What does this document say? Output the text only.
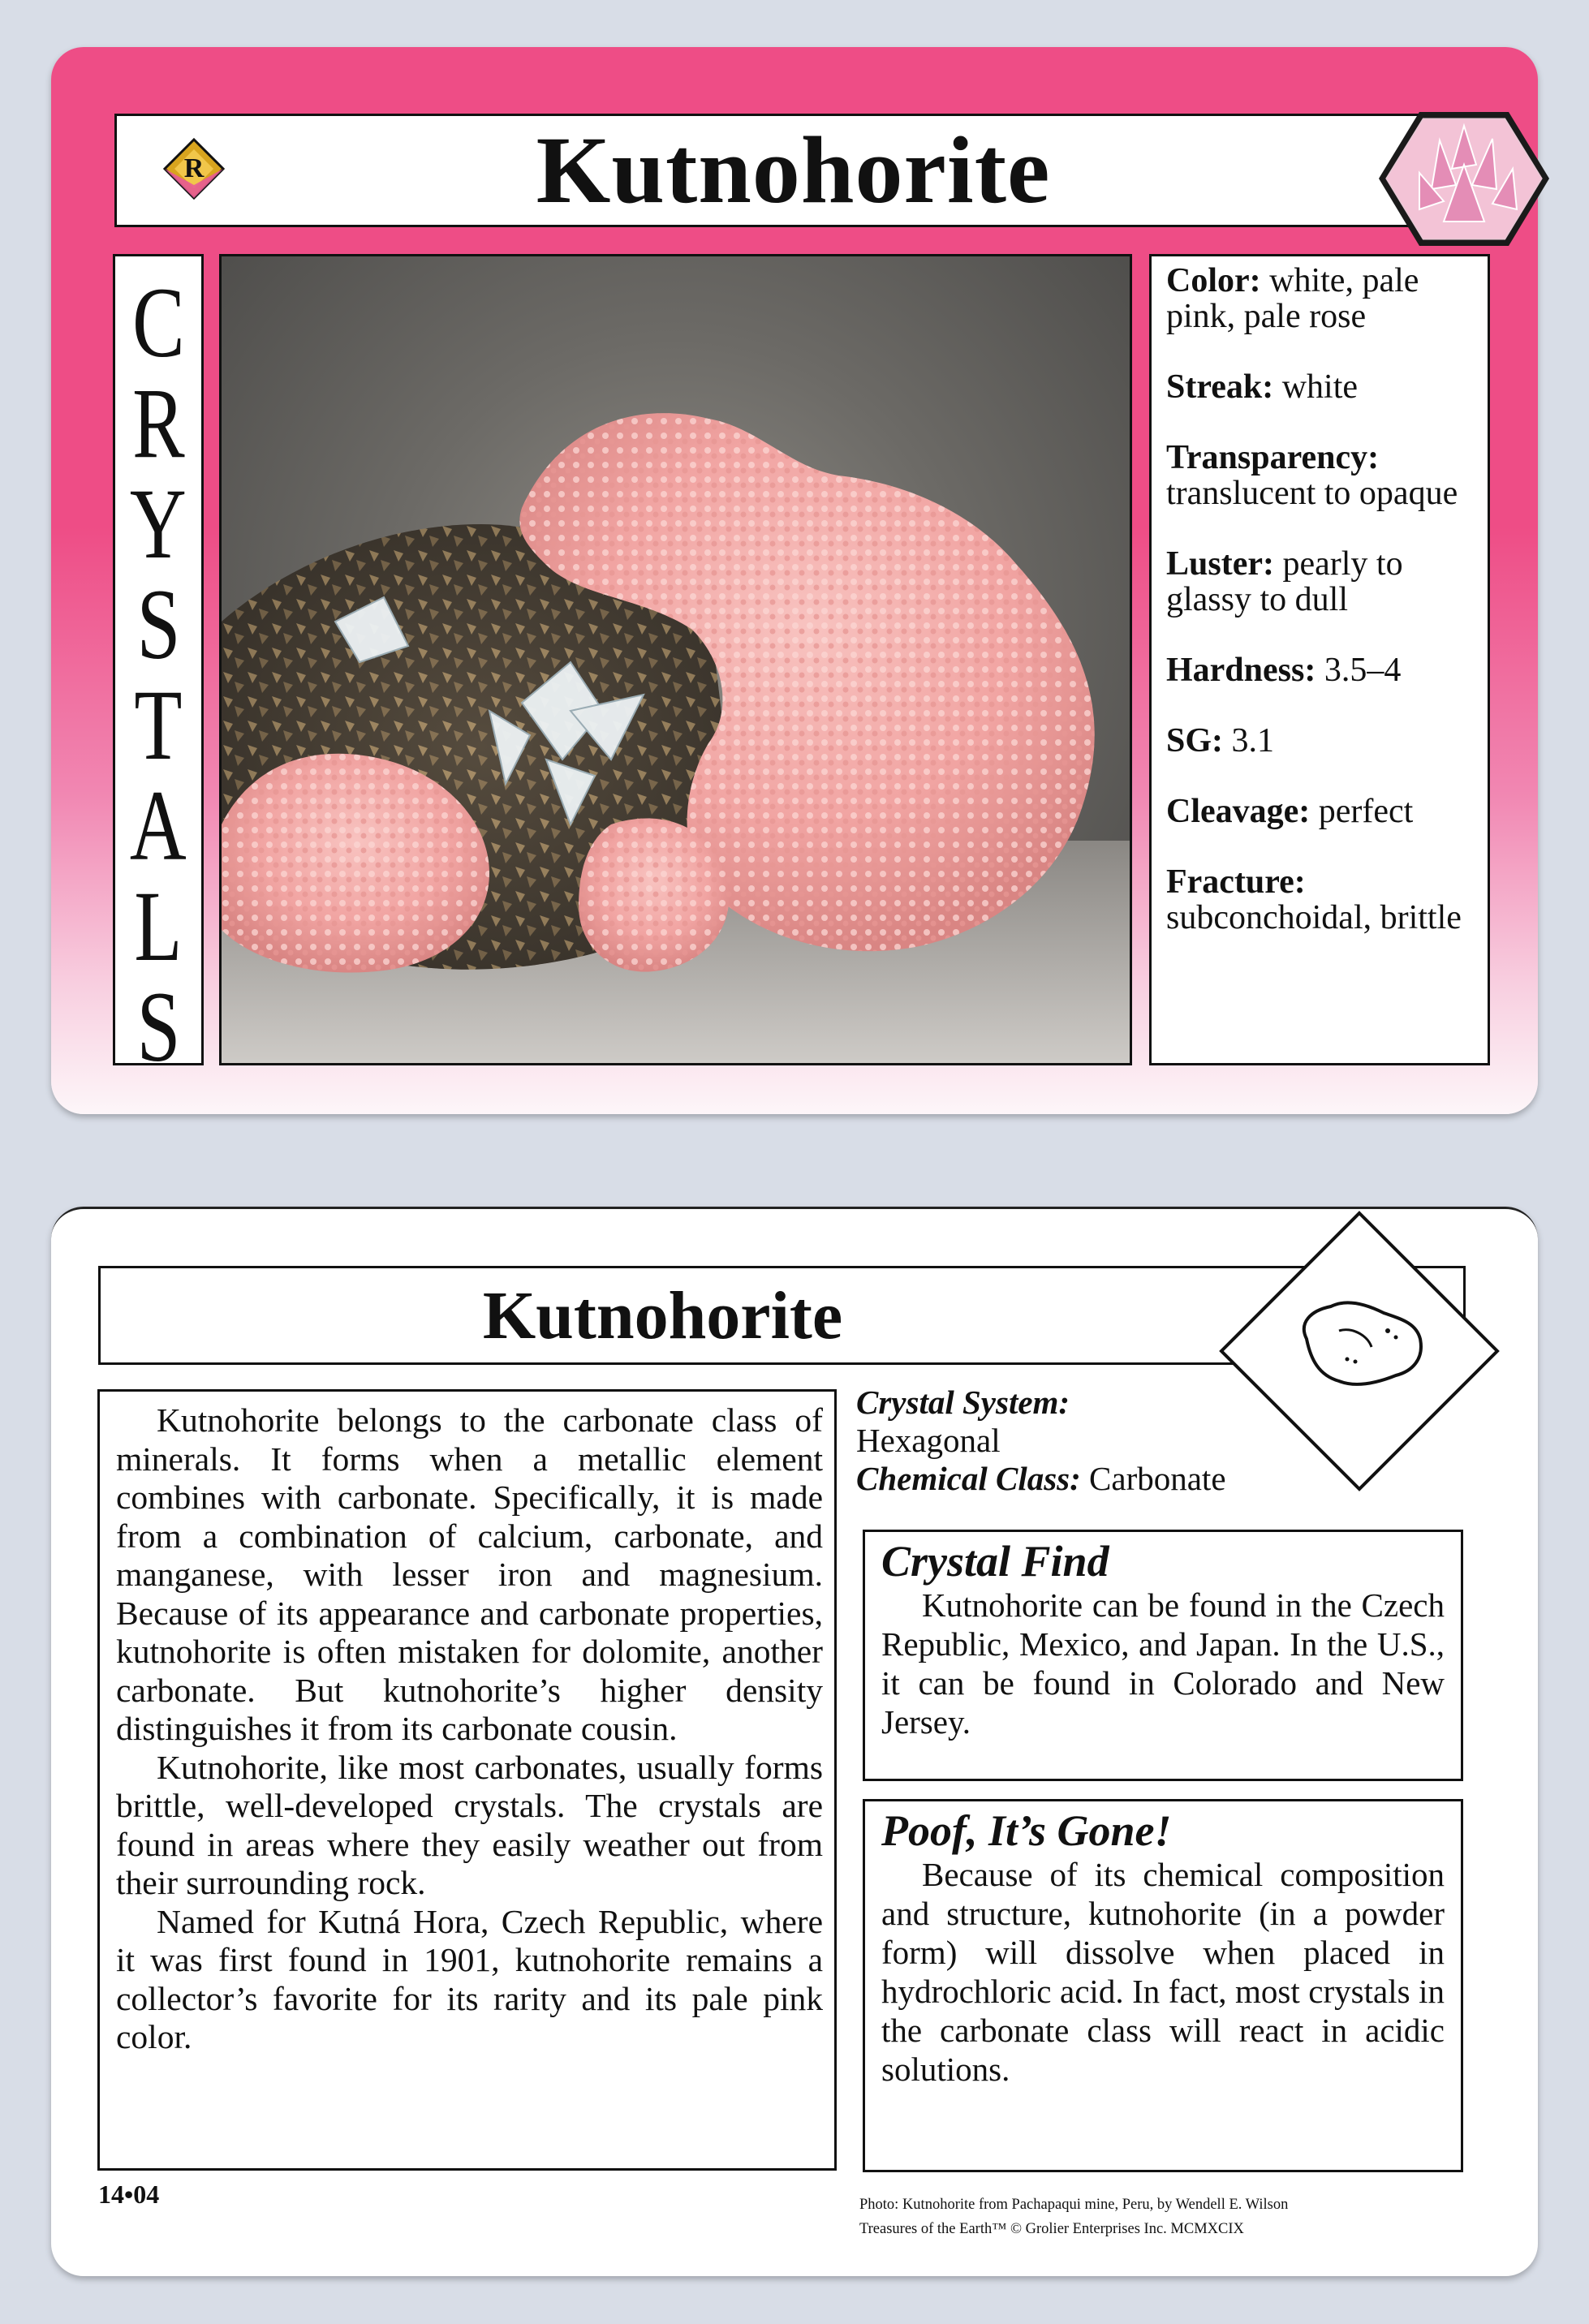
R	Kutnohorite
C
R
Y
S
T
A
L
S
Color: white, pale pink, pale rose
Streak: white
Transparency: translucent to opaque
Luster: pearly to glassy to dull
Hardness: 3.5–4
SG: 3.1
Cleavage: perfect
Fracture: subconchoidal, brittle
Kutnohorite

Kutnohorite belongs to the carbonate class of minerals. It forms when a metallic element combines with carbonate. Specifically, it is made from a combination of calcium, carbonate, and manganese, with lesser iron and magnesium. Because of its appearance and carbonate properties, kutnohorite is often mistaken for dolomite, another carbonate. But kutnohorite’s higher density distinguishes it from its carbonate cousin.

Kutnohorite, like most carbonates, usually forms brittle, well-developed crystals. The crystals are found in areas where they easily weather out from their surrounding rock.

Named for Kutná Hora, Czech Republic, where it was first found in 1901, kutnohorite remains a collector’s favorite for its rarity and its pale pink color.

Crystal System:
Hexagonal
Chemical Class: Carbonate
Crystal Find

Kutnohorite can be found in the Czech Republic, Mexico, and Japan. In the U.S., it can be found in Colorado and New Jersey.

Poof, It’s Gone!

Because of its chemical composition and structure, kutnohorite (in a powder form) will dissolve when placed in hydrochloric acid. In fact, most crystals in the carbonate class will react in acidic solutions.

14•04	Photo: Kutnohorite from Pachapaqui mine, Peru, by Wendell E. Wilson
Treasures of the Earth™ © Grolier Enterprises Inc. MCMXCIX
